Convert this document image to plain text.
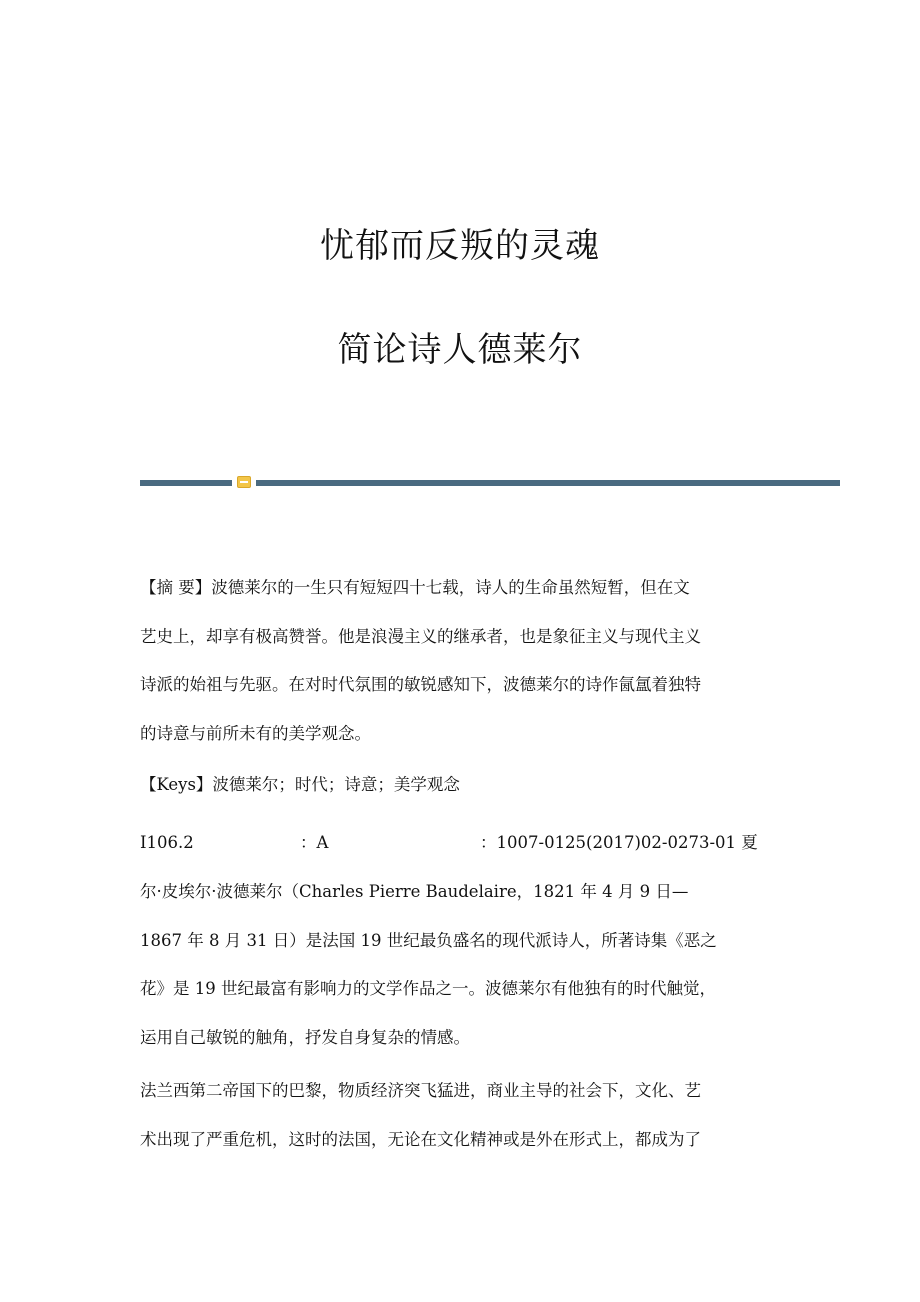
忧郁而反叛的灵魂
简论诗人德莱尔
【摘 要】波德莱尔的一生只有短短四十七载，诗人的生命虽然短暂，但在文
艺史上，却享有极高赞誉。他是浪漫主义的继承者，也是象征主义与现代主义
诗派的始祖与先驱。在对时代氛围的敏锐感知下，波德莱尔的诗作氤氲着独特
的诗意与前所未有的美学观念。
【Keys】波德莱尔；时代；诗意；美学观念
I106.2	：A	：1007-0125(2017)02-0273-01 夏
尔·皮埃尔·波德莱尔（Charles Pierre Baudelaire，1821 年 4 月 9 日—
1867 年 8 月 31 日）是法国 19 世纪最负盛名的现代派诗人，所著诗集《恶之
花》是 19 世纪最富有影响力的文学作品之一。波德莱尔有他独有的时代触觉，
运用自己敏锐的触角，抒发自身复杂的情感。
法兰西第二帝国下的巴黎，物质经济突飞猛进，商业主导的社会下，文化、艺
术出现了严重危机，这时的法国，无论在文化精神或是外在形式上，都成为了
